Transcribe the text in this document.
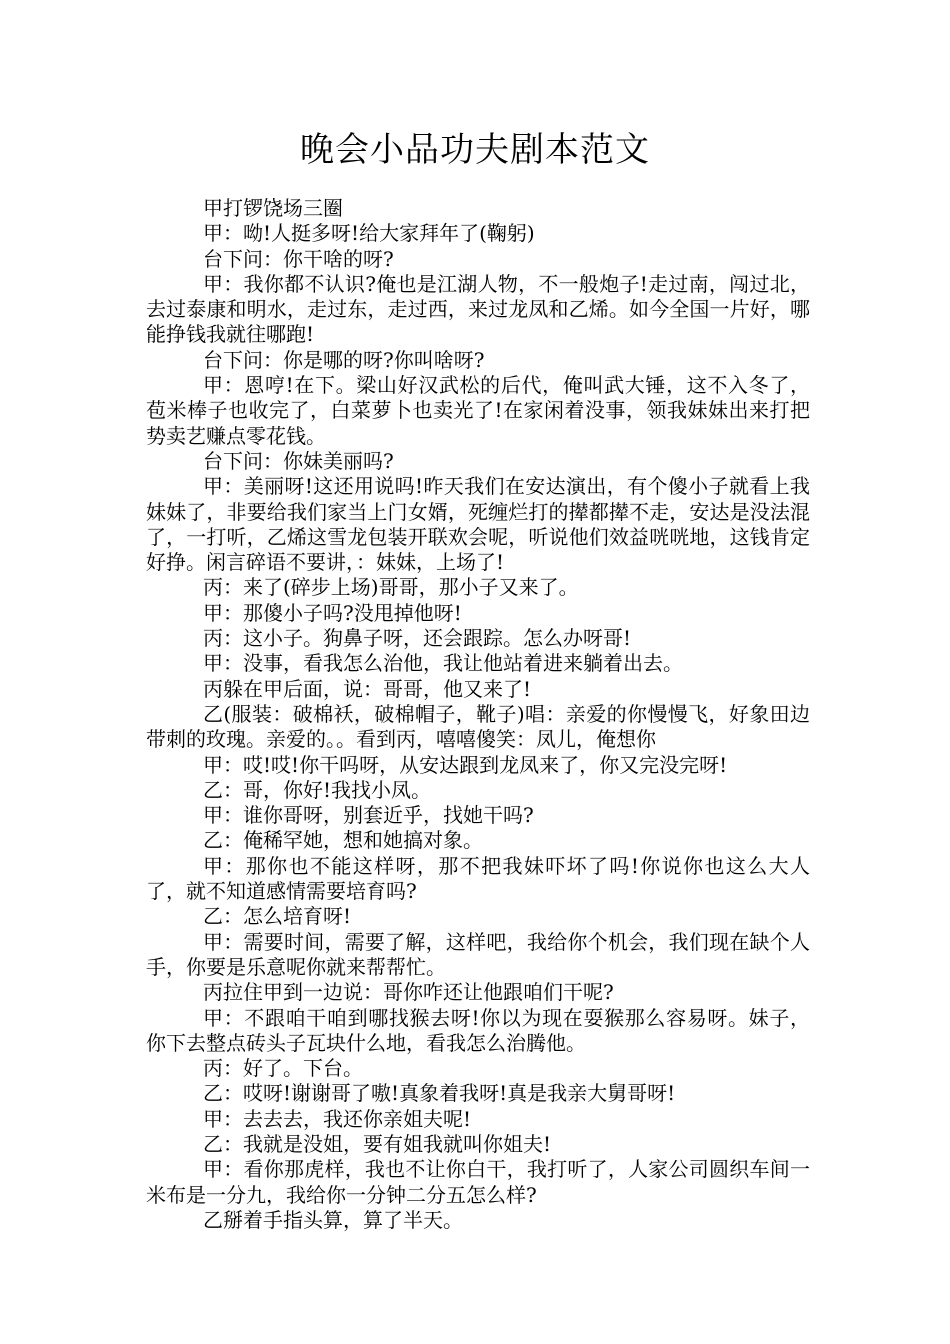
晚会小品功夫剧本范文

甲打锣饶场三圈

甲：呦!人挺多呀!给大家拜年了(鞠躬)

台下问：你干啥的呀?

甲：我你都不认识?俺也是江湖人物，不一般炮子!走过南，闯过北，去过泰康和明水，走过东，走过西，来过龙凤和乙烯。如今全国一片好，哪能挣钱我就往哪跑!

台下问：你是哪的呀?你叫啥呀?

甲：恩哼!在下。梁山好汉武松的后代，俺叫武大锤，这不入冬了，苞米棒子也收完了，白菜萝卜也卖光了!在家闲着没事，领我妹妹出来打把势卖艺赚点零花钱。

台下问：你妹美丽吗?

甲：美丽呀!这还用说吗!昨天我们在安达演出，有个傻小子就看上我妹妹了，非要给我们家当上门女婿，死缠烂打的撵都撵不走，安达是没法混了，一打听，乙烯这雪龙包装开联欢会呢，听说他们效益咣咣地，这钱肯定好挣。闲言碎语不要讲，：妹妹，上场了!

丙：来了(碎步上场)哥哥，那小子又来了。

甲：那傻小子吗?没甩掉他呀!

丙：这小子。狗鼻子呀，还会跟踪。怎么办呀哥!

甲：没事，看我怎么治他，我让他站着进来躺着出去。

丙躲在甲后面，说：哥哥，他又来了!

乙(服装：破棉袄，破棉帽子，靴子)唱：亲爱的你慢慢飞，好象田边带刺的玫瑰。亲爱的。。看到丙，嘻嘻傻笑：凤儿，俺想你

甲：哎!哎!你干吗呀，从安达跟到龙凤来了，你又完没完呀!

乙：哥，你好!我找小凤。

甲：谁你哥呀，别套近乎，找她干吗?

乙：俺稀罕她，想和她搞对象。

甲：那你也不能这样呀，那不把我妹吓坏了吗!你说你也这么大人了，就不知道感情需要培育吗?

乙：怎么培育呀!

甲：需要时间，需要了解，这样吧，我给你个机会，我们现在缺个人手，你要是乐意呢你就来帮帮忙。

丙拉住甲到一边说：哥你咋还让他跟咱们干呢?

甲：不跟咱干咱到哪找猴去呀!你以为现在耍猴那么容易呀。妹子，你下去整点砖头子瓦块什么地，看我怎么治腾他。

丙：好了。下台。

乙：哎呀!谢谢哥了嗷!真象着我呀!真是我亲大舅哥呀!

甲：去去去，我还你亲姐夫呢!

乙：我就是没姐，要有姐我就叫你姐夫!

甲：看你那虎样，我也不让你白干，我打听了，人家公司圆织车间一米布是一分九，我给你一分钟二分五怎么样?

乙掰着手指头算，算了半天。
